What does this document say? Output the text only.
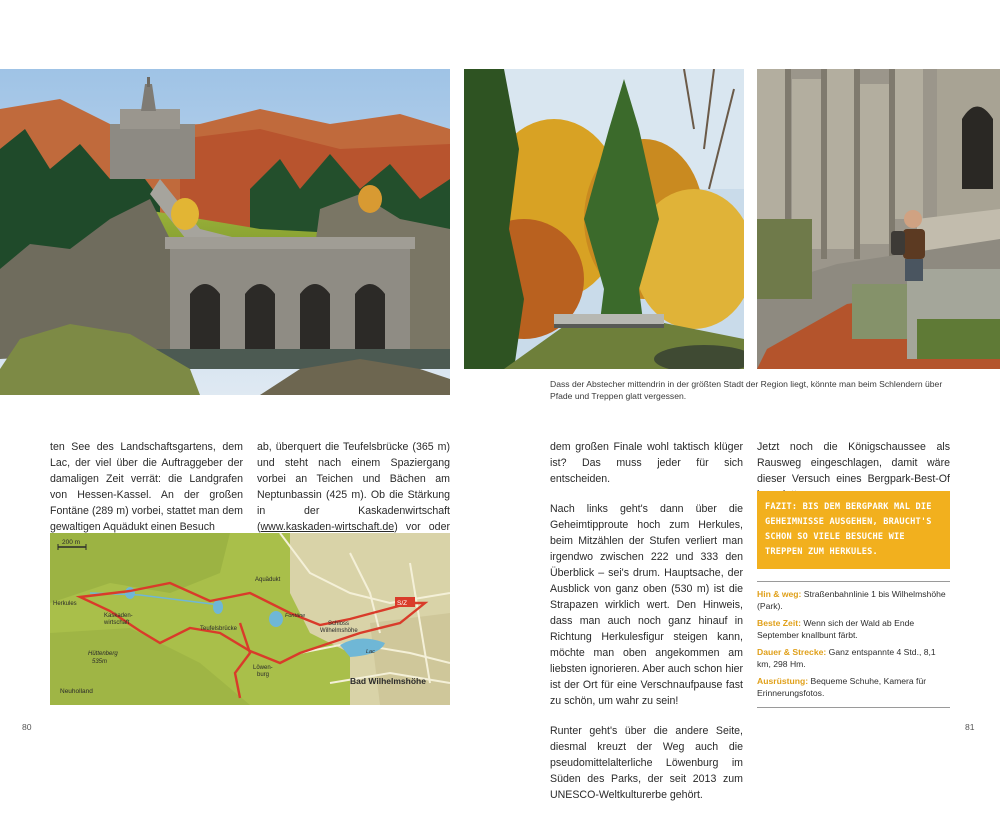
Dass der Abstecher mittendrin in der größten Stadt der Region liegt, könnte man beim Schlendern über Pfade und Treppen glatt vergessen.
ten See des Landschaftsgartens, dem Lac, der viel über die Auftraggeber der damaligen Zeit verrät: die Landgrafen von Hessen-Kassel. An der großen Fontäne (289 m) vorbei, stattet man dem gewaltigen Aquädukt einen Besuch
ab, überquert die Teufelsbrücke (365 m) und steht nach einem Spaziergang vorbei an Teichen und Bächen am Neptunbassin (425 m). Ob die Stärkung in der Kaskadenwirtschaft (www.kaskaden-wirtschaft.de) vor oder

dem großen Finale wohl taktisch klüger ist? Das muss jeder für sich entscheiden.

Nach links geht's dann über die Geheimtipproute hoch zum Herkules, beim Mitzählen der Stufen verliert man irgendwo zwischen 222 und 333 den Überblick – sei's drum. Hauptsache, der Ausblick von ganz oben (530 m) ist die Strapazen wirklich wert. Den Hinweis, dass man auch noch ganz hinauf in Richtung Herkulesfigur steigen kann, möchte man oben angekommen am liebsten ignorieren. Aber auch schon hier ist der Ort für eine Verschnaufpause fast zu schön, um wahr zu sein!

Runter geht's über die andere Seite, diesmal kreuzt der Weg auch die pseudomittelalterliche Löwenburg im Süden des Parks, der seit 2013 zum UNESCO-Weltkulturerbe gehört.

Jetzt noch die Königschaussee als Rausweg eingeschlagen, damit wäre dieser Versuch eines Bergpark-Best-Of
S/Z
200 m
Herkules
Kaskaden-
wirtschaft
Hüttenberg
535m
Neuholland
Teufelsbrücke
Aquädukt
Fontäne
Schloss
Wilhelmshöhe
Lac
Löwen-
burg
Bad Wilhelmshöhe
FAZIT: BIS DEM BERGPARK MAL DIE GEHEIMNISSE AUSGEHEN, BRAUCHT'S SCHON SO VIELE BESUCHE WIE TREPPEN ZUM HERKULES.
Hin & weg: Straßenbahnlinie 1 bis Wilhelmshöhe (Park).
Beste Zeit: Wenn sich der Wald ab Ende September knallbunt färbt.
Dauer & Strecke: Ganz entspannte 4 Std., 8,1 km, 298 Hm.
Ausrüstung: Bequeme Schuhe, Kamera für Erinnerungsfotos.
80	81
